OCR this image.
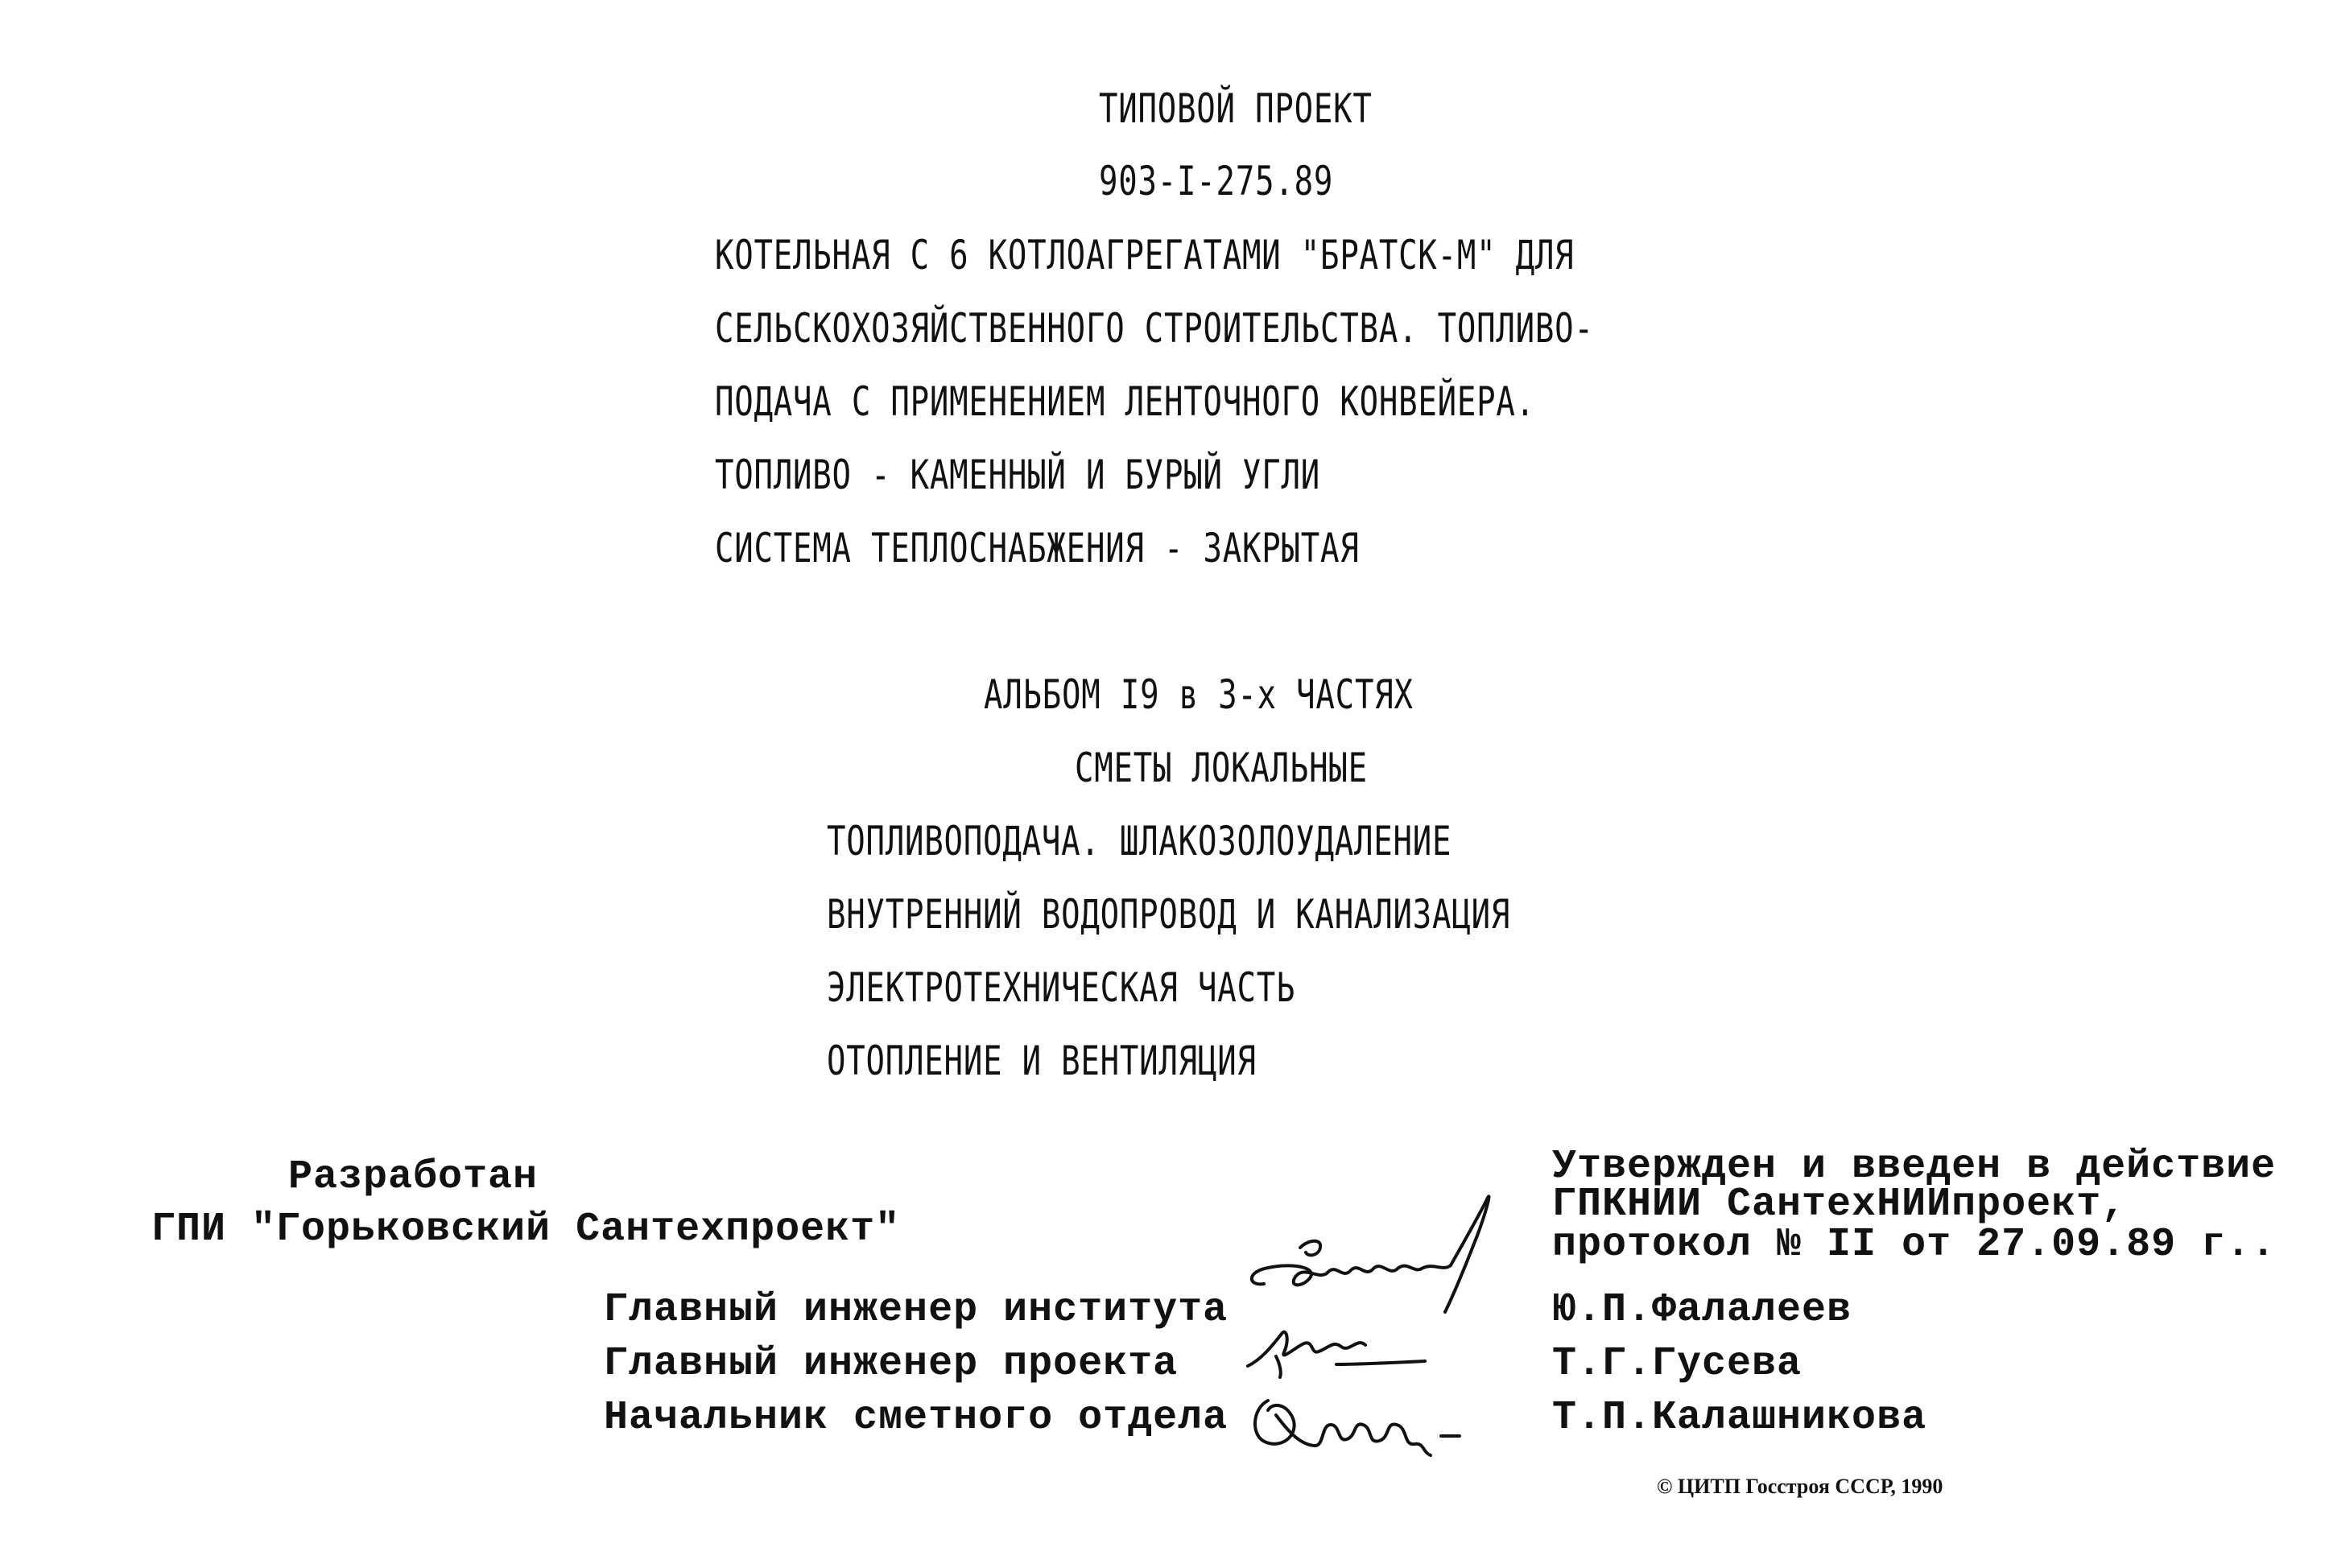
ТИПОВОЙ ПРОЕКТ
903-I-275.89
КОТЕЛЬНАЯ С 6 КОТЛОАГРЕГАТАМИ "БРАТСК-М" ДЛЯ
СЕЛЬСКОХОЗЯЙСТВЕННОГО СТРОИТЕЛЬСТВА. ТОПЛИВО-
ПОДАЧА С ПРИМЕНЕНИЕМ ЛЕНТОЧНОГО КОНВЕЙЕРА.
ТОПЛИВО - КАМЕННЫЙ И БУРЫЙ УГЛИ
СИСТЕМА ТЕПЛОСНАБЖЕНИЯ - ЗАКРЫТАЯ
АЛЬБОМ I9 в 3-х ЧАСТЯХ
СМЕТЫ ЛОКАЛЬНЫЕ
ТОПЛИВОПОДАЧА. ШЛАКОЗОЛОУДАЛЕНИЕ
ВНУТРЕННИЙ ВОДОПРОВОД И КАНАЛИЗАЦИЯ
ЭЛЕКТРОТЕХНИЧЕСКАЯ ЧАСТЬ
ОТОПЛЕНИЕ И ВЕНТИЛЯЦИЯ
Разработан
ГПИ "Горьковский Сантехпроект"
Утвержден и введен в действие
ГПКНИИ СантехНИИпроект,
протокол № II от 27.09.89 г..
Главный инженер института	Ю.П.Фалалеев
Главный инженер проекта	Т.Г.Гусева
Начальник сметного отдела	Т.П.Калашникова
© ЦИТП Госстроя СССР, 1990
